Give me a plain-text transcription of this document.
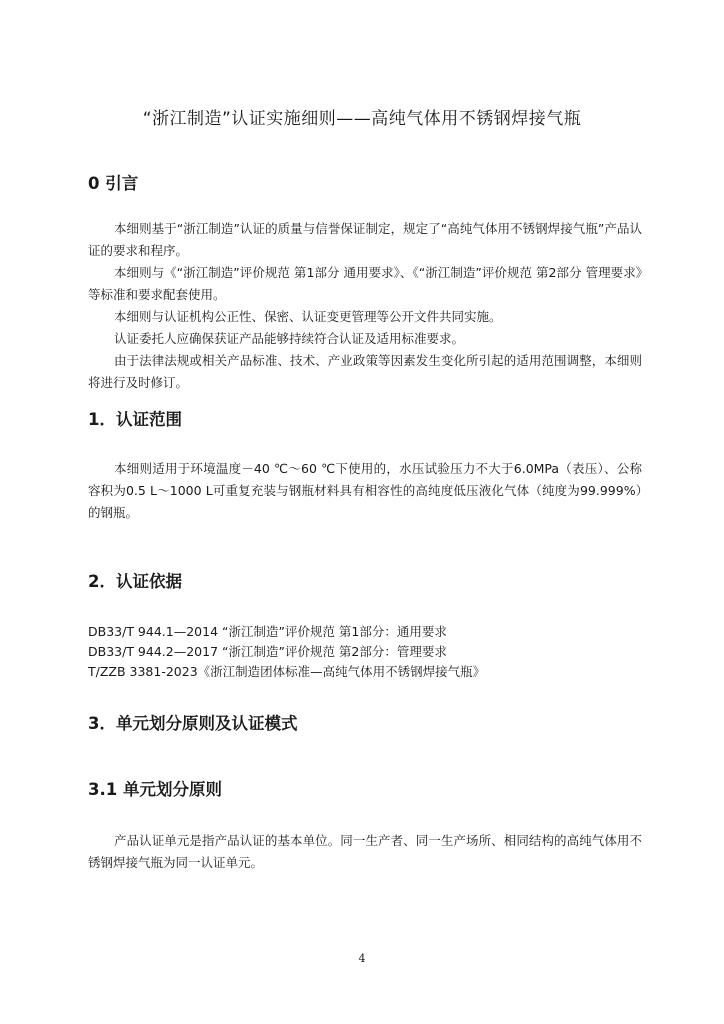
“浙江制造”认证实施细则——高纯气体用不锈钢焊接气瓶
0 引言
本细则基于“浙江制造”认证的质量与信誉保证制定，规定了“高纯气体用不锈钢焊接气瓶”产品认证的要求和程序。
本细则与《“浙江制造”评价规范 第1部分 通用要求》、《“浙江制造”评价规范 第2部分 管理要求》等标准和要求配套使用。
本细则与认证机构公正性、保密、认证变更管理等公开文件共同实施。
认证委托人应确保获证产品能够持续符合认证及适用标准要求。
由于法律法规或相关产品标准、技术、产业政策等因素发生变化所引起的适用范围调整，本细则将进行及时修订。
1．认证范围
本细则适用于环境温度－40 ℃～60 ℃下使用的，水压试验压力不大于6.0MPa（表压）、公称容积为0.5 L～1000 L可重复充装与钢瓶材料具有相容性的高纯度低压液化气体（纯度为99.999%）的钢瓶。
2．认证依据
DB33/T 944.1—2014 “浙江制造”评价规范 第1部分：通用要求
DB33/T 944.2—2017 “浙江制造”评价规范 第2部分：管理要求
T/ZZB 3381-2023《浙江制造团体标准—高纯气体用不锈钢焊接气瓶》
3．单元划分原则及认证模式
3.1 单元划分原则
产品认证单元是指产品认证的基本单位。同一生产者、同一生产场所、相同结构的高纯气体用不锈钢焊接气瓶为同一认证单元。
4
